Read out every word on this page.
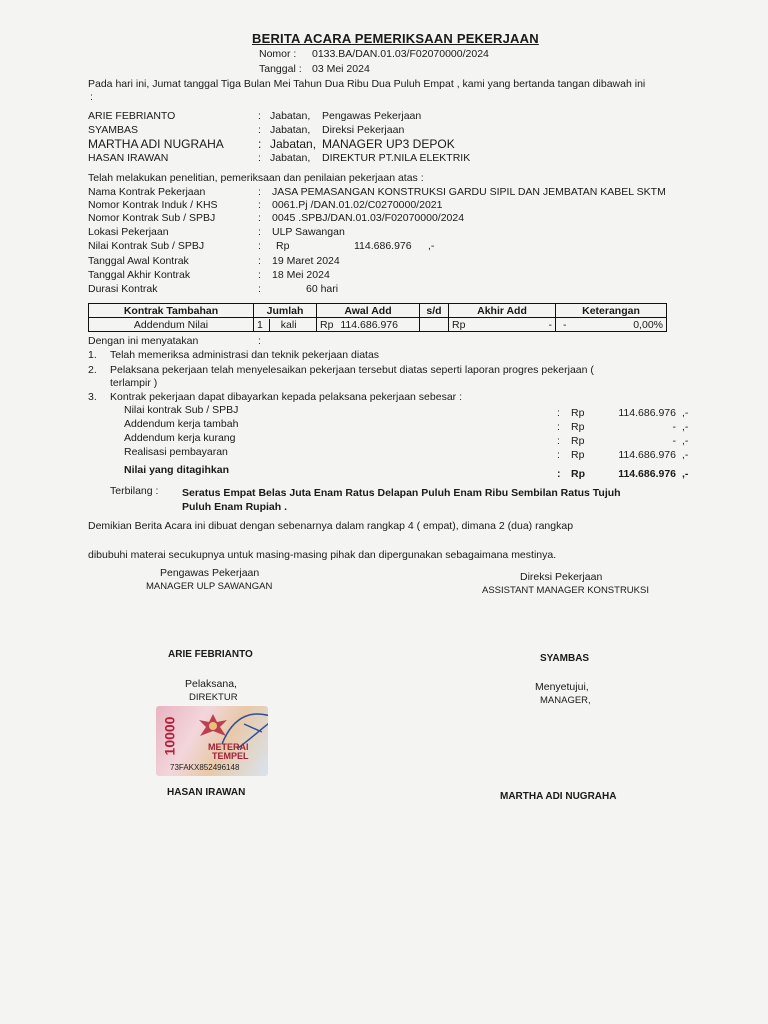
BERITA ACARA PEMERIKSAAN PEKERJAAN
Nomor : 0133.BA/DAN.01.03/F02070000/2024
Tanggal : 03 Mei 2024
Pada hari ini, Jumat tanggal Tiga Bulan Mei Tahun Dua Ribu Dua Puluh Empat , kami yang bertanda tangan dibawah ini
:
ARIE FEBRIANTO	: Jabatan, Pengawas Pekerjaan
SYAMBAS	: Jabatan, Direksi Pekerjaan
MARTHA ADI NUGRAHA	: Jabatan, MANAGER UP3 DEPOK
HASAN IRAWAN	: Jabatan, DIREKTUR PT.NILA ELEKTRIK
Telah melakukan penelitian, pemeriksaan dan penilaian pekerjaan atas :
Nama Kontrak Pekerjaan	: JASA PEMASANGAN KONSTRUKSI GARDU SIPIL DAN JEMBATAN KABEL SKTM
Nomor Kontrak Induk / KHS	: 0061.Pj /DAN.01.02/C0270000/2021
Nomor Kontrak Sub / SPBJ	: 0045 .SPBJ/DAN.01.03/F02070000/2024
Lokasi Pekerjaan	: ULP Sawangan
Nilai Kontrak Sub / SPBJ	: Rp	114.686.976 ,-
Tanggal Awal Kontrak	: 19 Maret 2024
Tanggal Akhir Kontrak	: 18 Mei 2024
Durasi Kontrak	:	60 hari
Kontrak Tambahan	Jumlah	Awal Add	s/d	Akhir Add	Keterangan
Addendum Nilai	1 kali	Rp 114.686.976		Rp -	- 0,00%
Dengan ini menyatakan	:
1. Telah memeriksa administrasi dan teknik pekerjaan diatas
2. Pelaksana pekerjaan telah menyelesaikan pekerjaan tersebut diatas seperti laporan progres pekerjaan (
terlampir )
3. Kontrak pekerjaan dapat dibayarkan kepada pelaksana pekerjaan sebesar :
Nilai kontrak Sub / SPBJ	: Rp	114.686.976 ,-
Addendum kerja tambah	: Rp	- ,-
Addendum kerja kurang	: Rp	- ,-
Realisasi pembayaran	: Rp	114.686.976 ,-
Nilai yang ditagihkan	: Rp	114.686.976 ,-
Terbilang : Seratus Empat Belas Juta Enam Ratus Delapan Puluh Enam Ribu Sembilan Ratus Tujuh
Puluh Enam Rupiah .
Demikian Berita Acara ini dibuat dengan sebenarnya dalam rangkap 4 ( empat), dimana 2 (dua) rangkap
dibubuhi materai secukupnya untuk masing-masing pihak dan dipergunakan sebagaimana mestinya.
Pengawas Pekerjaan
MANAGER ULP SAWANGAN
Direksi Pekerjaan
ASSISTANT MANAGER KONSTRUKSI
ARIE FEBRIANTO	SYAMBAS
Pelaksana,
DIREKTUR
Menyetujui,
MANAGER,
10000	METERAI
TEMPEL
73FAKX852496148
HASAN IRAWAN	MARTHA ADI NUGRAHA
